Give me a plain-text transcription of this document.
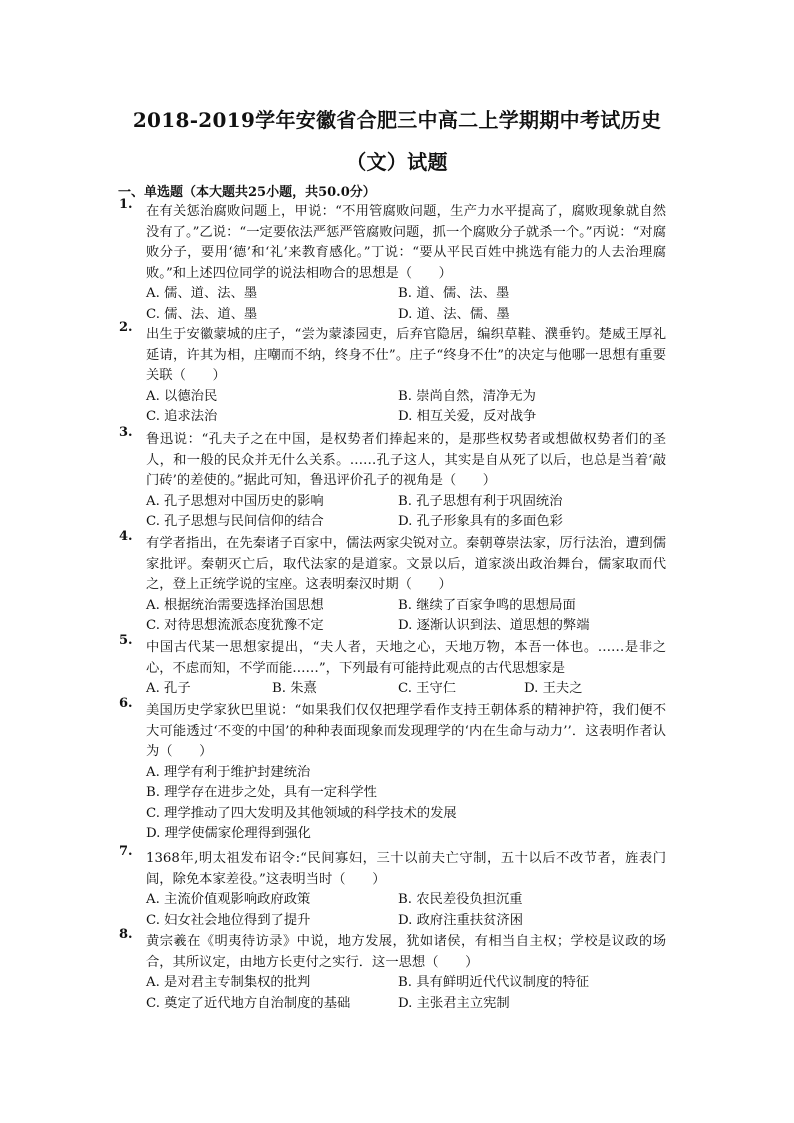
2018-2019学年安徽省合肥三中高二上学期期中考试历史
（文）试题
一、单选题（本大题共25小题，共50.0分）
1. 在有关惩治腐败问题上，甲说：“不用管腐败问题，生产力水平提高了，腐败现象就自然没有了。”乙说：“一定要依法严惩严管腐败问题，抓一个腐败分子就杀一个。”丙说：“对腐败分子，要用‘德’和‘礼’来教育感化。”丁说：“要从平民百姓中挑选有能力的人去治理腐败。”和上述四位同学的说法相吻合的思想是（　　）

A. 儒、道、法、墨	B. 道、儒、法、墨
C. 儒、法、道、墨	D. 道、法、儒、墨
2. 出生于安徽蒙城的庄子，“尝为蒙漆园吏，后弃官隐居，编织草鞋、濮垂钓。楚威王厚礼延请，许其为相，庄嘲而不纳，终身不仕”。庄子“终身不仕”的决定与他哪一思想有重要关联（　　）

A. 以德治民	B. 崇尚自然，清净无为
C. 追求法治	D. 相互关爱，反对战争
3. 鲁迅说：“孔夫子之在中国，是权势者们捧起来的，是那些权势者或想做权势者们的圣人，和一般的民众并无什么关系。……孔子这人，其实是自从死了以后，也总是当着‘敲门砖’的差使的。”据此可知，鲁迅评价孔子的视角是（　　）

A. 孔子思想对中国历史的影响	B. 孔子思想有利于巩固统治
C. 孔子思想与民间信仰的结合	D. 孔子形象具有的多面色彩
4. 有学者指出，在先秦诸子百家中，儒法两家尖锐对立。秦朝尊崇法家，厉行法治，遭到儒家批评。秦朝灭亡后，取代法家的是道家。文景以后，道家淡出政治舞台，儒家取而代之，登上正统学说的宝座。这表明秦汉时期（　　）

A. 根据统治需要选择治国思想	B. 继续了百家争鸣的思想局面
C. 对待思想流派态度犹豫不定	D. 逐渐认识到法、道思想的弊端
5. 中国古代某一思想家提出，“夫人者，天地之心，天地万物，本吾一体也。……是非之心，不虑而知，不学而能……”，下列最有可能持此观点的古代思想家是

A. 孔子	B. 朱熹	C. 王守仁	D. 王夫之
6. 美国历史学家狄巴里说：“如果我们仅仅把理学看作支持王朝体系的精神护符，我们便不大可能透过‘不变的中国’的种种表面现象而发现理学的‘内在生命与动力’’．这表明作者认为（　　）

A. 理学有利于维护封建统治
B. 理学存在进步之处，具有一定科学性
C. 理学推动了四大发明及其他领域的科学技术的发展
D. 理学使儒家伦理得到强化
7. 1368年,明太祖发布诏令:“民间寡妇，三十以前夫亡守制，五十以后不改节者，旌表门闾，除免本家差役。”这表明当时（　　）

A. 主流价值观影响政府政策	B. 农民差役负担沉重
C. 妇女社会地位得到了提升	D. 政府注重扶贫济困
8. 黄宗羲在《明夷待访录》中说，地方发展，犹如诸侯，有相当自主权；学校是议政的场合，其所议定，由地方长吏付之实行．这一思想（　　）

A. 是对君主专制集权的批判	B. 具有鲜明近代代议制度的特征
C. 奠定了近代地方自治制度的基础	D. 主张君主立宪制
